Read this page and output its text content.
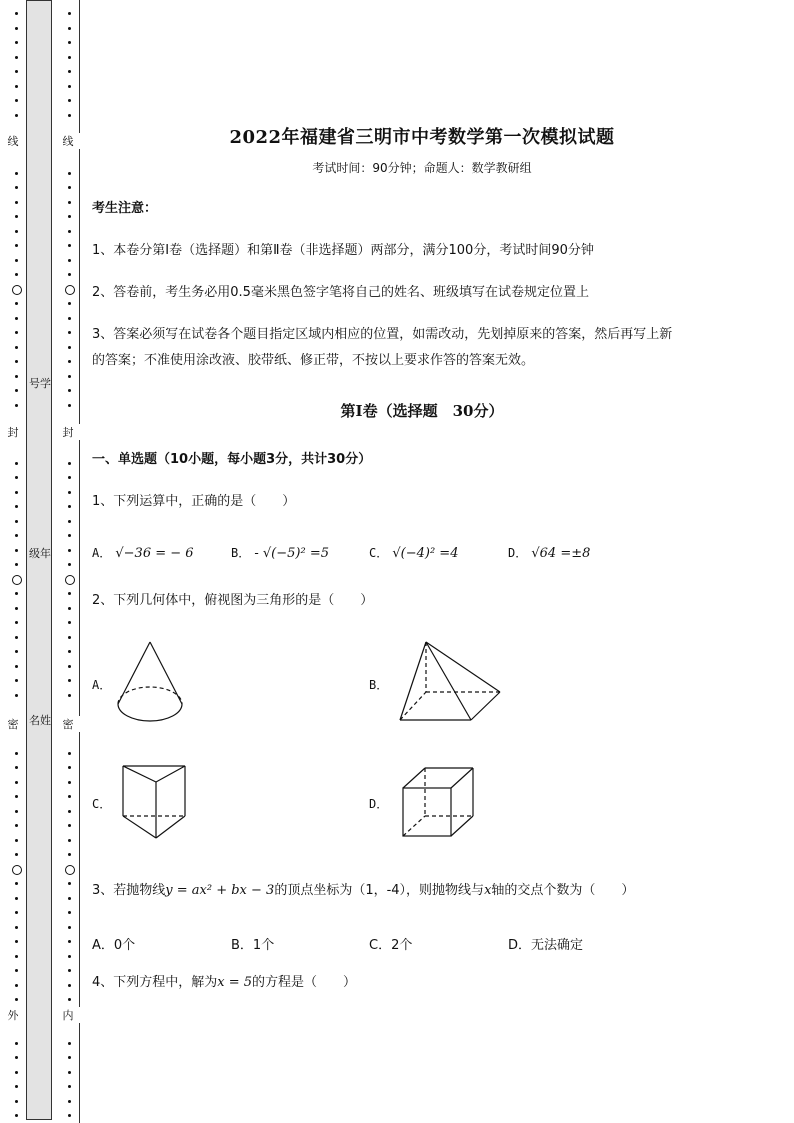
号学
级年
名姓
线
封
密
外
线
封
密
内
2022年福建省三明市中考数学第一次模拟试题
考试时间：90分钟；命题人：数学教研组
考生注意：
1、本卷分第Ⅰ卷（选择题）和第Ⅱ卷（非选择题）两部分，满分100分，考试时间90分钟
2、答卷前，考生务必用0.5毫米黑色签字笔将自己的姓名、班级填写在试卷规定位置上
3、答案必须写在试卷各个题目指定区域内相应的位置，如需改动，先划掉原来的答案，然后再写上新
的答案；不准使用涂改液、胶带纸、修正带，不按以上要求作答的答案无效。
第Ⅰ卷（选择题　30分）
一、单选题（10小题，每小题3分，共计30分）
1、下列运算中，正确的是（　　）
A． √−36 = − 6	B． - √(−5)² =5	C． √(−4)² =4	D． √64 =±8
2、下列几何体中，俯视图为三角形的是（　　）
A．	B．
C．	D．
3、若抛物线y = ax² + bx − 3的顶点坐标为（1，-4），则抛物线与x轴的交点个数为（　　）
A．0个	B．1个	C．2个	D．无法确定
4、下列方程中，解为x = 5的方程是（　　）
